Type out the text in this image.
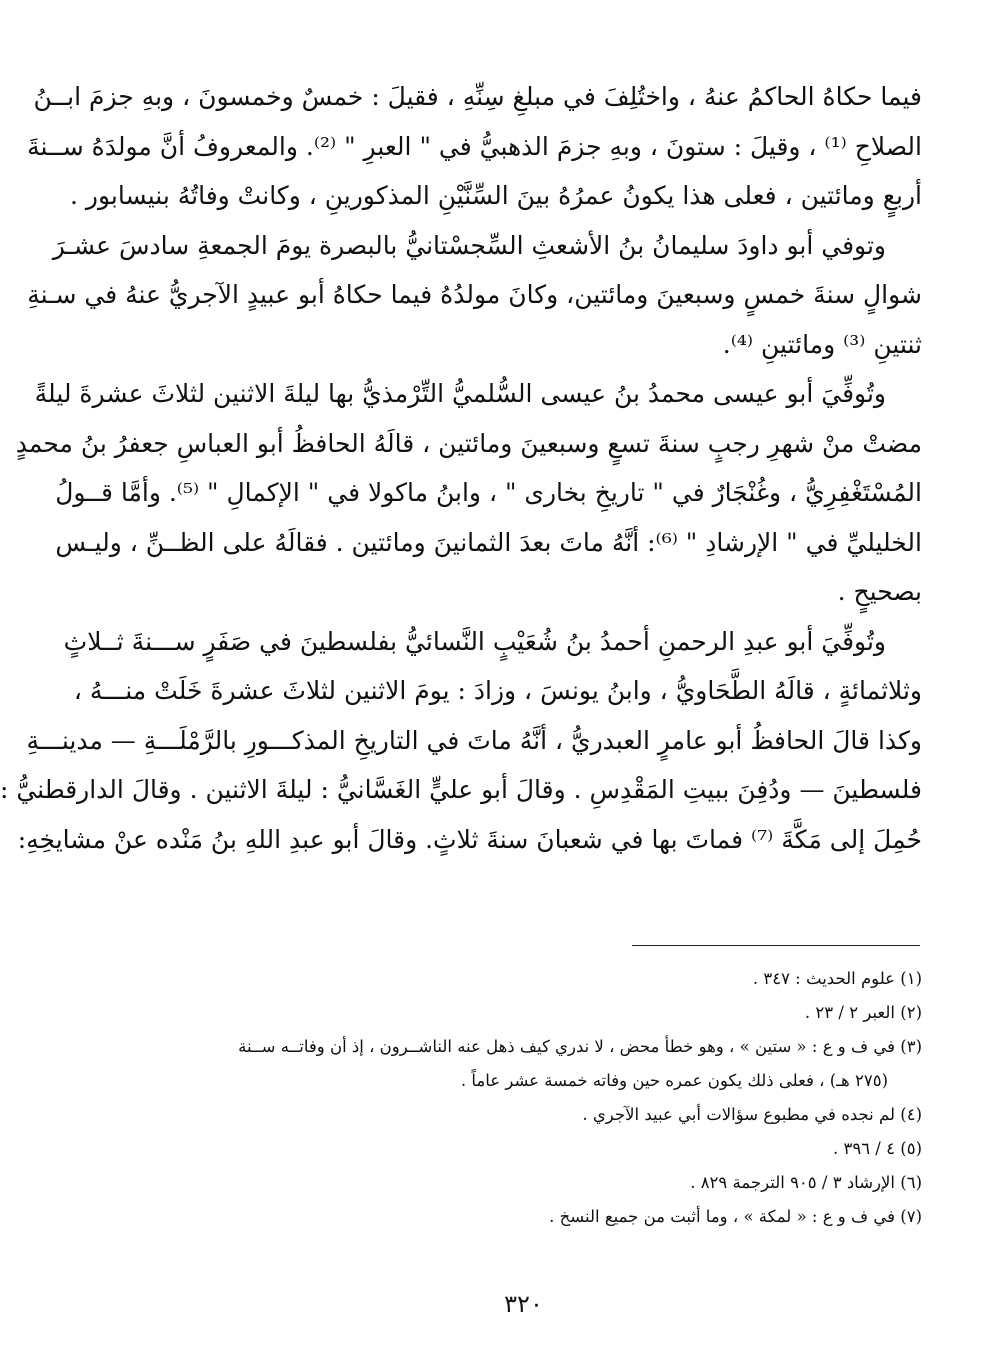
فيما حكاهُ الحاكمُ عنهُ ، واختُلِفَ في مبلغِ سِنِّهِ ، فقيلَ : خمسٌ وخمسونَ ، وبهِ جزمَ ابــنُ
الصلاحِ ⁽¹⁾ ، وقيلَ : ستونَ ، وبهِ جزمَ الذهبيُّ في " العبرِ " ⁽²⁾. والمعروفُ أنَّ مولدَهُ ســنةَ
أربعٍ ومائتين ، فعلى هذا يكونُ عمرُهُ بينَ السِّنَّيْنِ المذكورينِ ، وكانتْ وفاتُهُ بنيسابور .
وتوفي أبو داودَ سليمانُ بنُ الأشعثِ السِّجسْتانيُّ بالبصرة يومَ الجمعةِ سادسَ عشـرَ
شوالٍ سنةَ خمسٍ وسبعينَ ومائتين، وكانَ مولدُهُ فيما حكاهُ أبو عبيدٍ الآجريُّ عنهُ في سـنةِ
ثنتينِ ⁽³⁾ ومائتينِ ⁽⁴⁾.
وتُوفِّيَ أبو عيسى محمدُ بنُ عيسى السُّلميُّ التِّرْمذيُّ بها ليلةَ الاثنين لثلاثَ عشرةَ ليلةً
مضتْ منْ شهرِ رجبٍ سنةَ تسعٍ وسبعينَ ومائتين ، قالَهُ الحافظُ أبو العباسِ جعفرُ بنُ محمدٍ
المُسْتَغْفِرِيُّ ، وغُنْجَارٌ في " تاريخِ بخارى " ، وابنُ ماكولا في " الإكمالِ " ⁽⁵⁾. وأمَّا قــولُ
الخليليِّ في " الإرشادِ " ⁽⁶⁾: أنَّهُ ماتَ بعدَ الثمانينَ ومائتين . فقالَهُ على الظــنِّ ، وليـس
بصحيحٍ .
وتُوفِّيَ أبو عبدِ الرحمنِ أحمدُ بنُ شُعَيْبٍ النَّسائيُّ بفلسطينَ في صَفَرٍ ســـنةَ ثــلاثٍ
وثلاثمائةٍ ، قالَهُ الطَّحَاويُّ ، وابنُ يونسَ ، وزادَ : يومَ الاثنين لثلاثَ عشرةَ خَلَتْ منـــهُ ،
وكذا قالَ الحافظُ أبو عامرٍ العبدريُّ ، أنَّهُ ماتَ في التاريخِ المذكـــورِ بالرَّمْلَـــةِ — مدينـــةِ
فلسطينَ — ودُفِنَ ببيتِ المَقْدِسِ . وقالَ أبو عليٍّ الغَسَّانيُّ : ليلةَ الاثنين . وقالَ الدارقطنيُّ :
حُمِلَ إلى مَكَّةَ ⁽⁷⁾ فماتَ بها في شعبانَ سنةَ ثلاثٍ. وقالَ أبو عبدِ اللهِ بنُ مَنْده عنْ مشايخِهِ:
(١) علوم الحديث : ٣٤٧ .
(٢) العبر ٢ / ٢٣ .
(٣) في ف و ع : « ستين » ، وهو خطأ محض ، لا ندري كيف ذهل عنه الناشــرون ، إذ أن وفاتــه ســنة
(٢٧٥ هـ) ، فعلى ذلك يكون عمره حين وفاته خمسة عشر عاماً .
(٤) لم نجده في مطبوع سؤالات أبي عبيد الآجري .
(٥) ٤ / ٣٩٦ .
(٦) الإرشاد ٣ / ٩٠٥ الترجمة ٨٢٩ .
(٧) في ف و ع : « لمكة » ، وما أثبت من جميع النسخ .
٣٢٠
